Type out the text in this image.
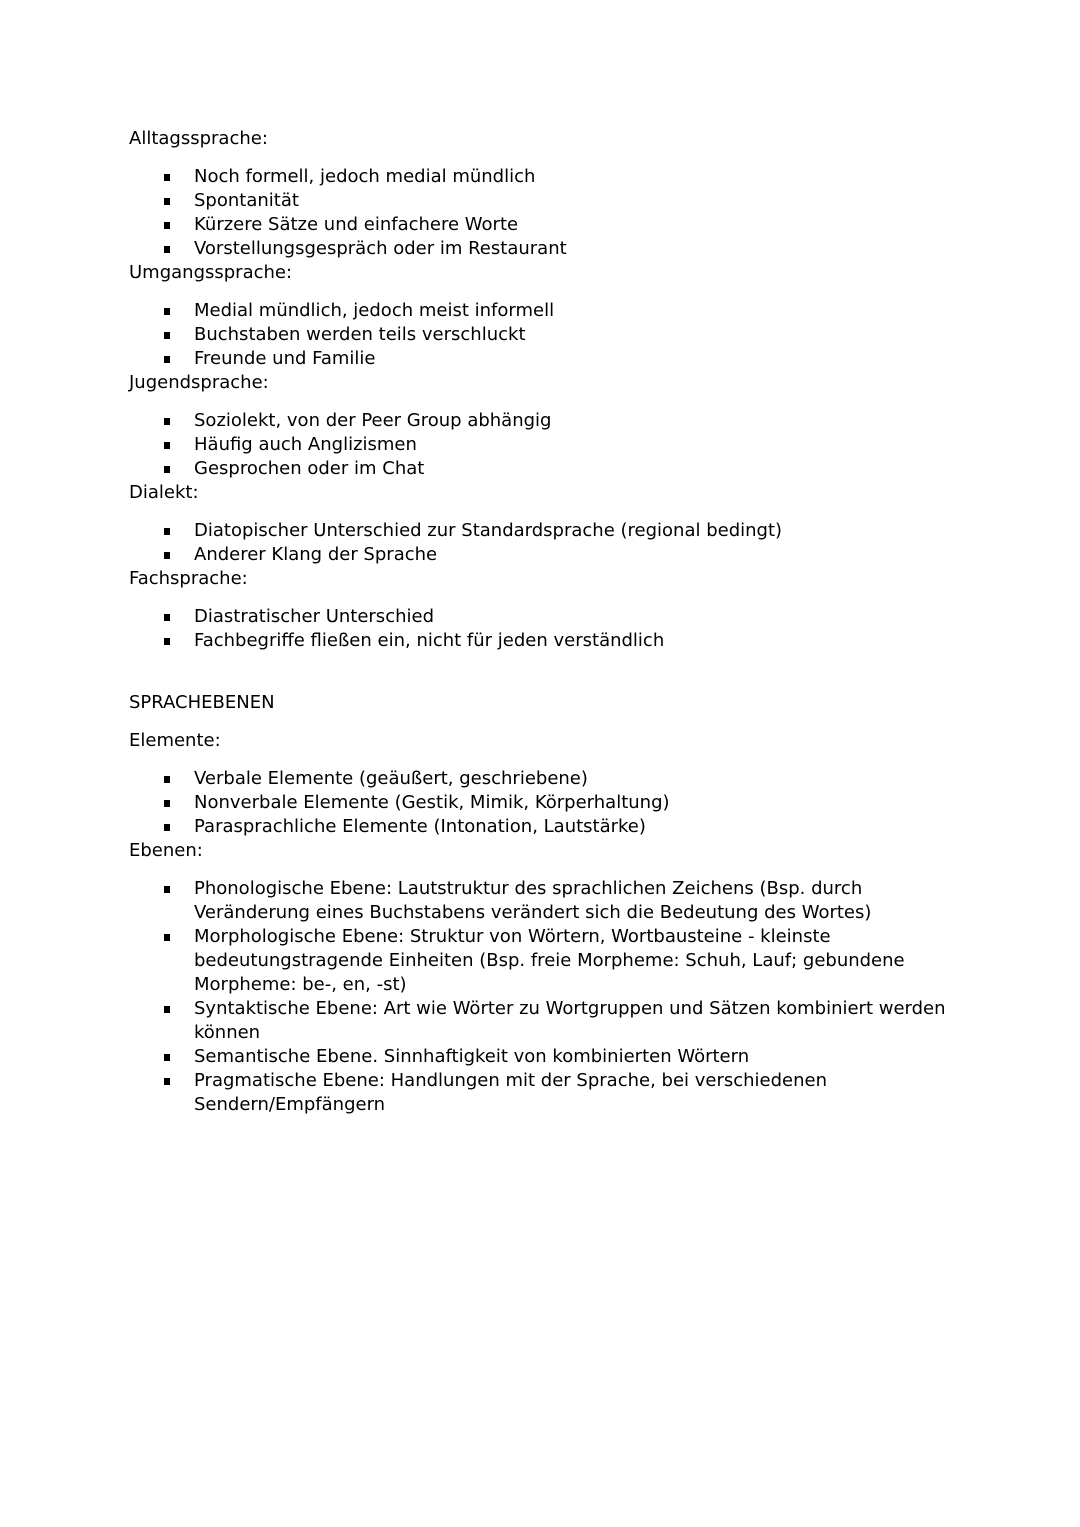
Alltagssprache:

Noch formell, jedoch medial mündlich
Spontanität
Kürzere Sätze und einfachere Worte
Vorstellungsgespräch oder im Restaurant

Umgangssprache:

Medial mündlich, jedoch meist informell
Buchstaben werden teils verschluckt
Freunde und Familie

Jugendsprache:

Soziolekt, von der Peer Group abhängig
Häufig auch Anglizismen
Gesprochen oder im Chat

Dialekt:

Diatopischer Unterschied zur Standardsprache (regional bedingt)
Anderer Klang der Sprache

Fachsprache:

Diastratischer Unterschied
Fachbegriffe fließen ein, nicht für jeden verständlich

SPRACHEBENEN

Elemente:

Verbale Elemente (geäußert, geschriebene)
Nonverbale Elemente (Gestik, Mimik, Körperhaltung)
Parasprachliche Elemente (Intonation, Lautstärke)

Ebenen:

Phonologische Ebene: Lautstruktur des sprachlichen Zeichens (Bsp. durch Veränderung eines Buchstabens verändert sich die Bedeutung des Wortes)
Morphologische Ebene: Struktur von Wörtern, Wortbausteine - kleinste bedeutungstragende Einheiten (Bsp. freie Morpheme: Schuh, Lauf; gebundene Morpheme: be-, en, -st)
Syntaktische Ebene: Art wie Wörter zu Wortgruppen und Sätzen kombiniert werden können
Semantische Ebene. Sinnhaftigkeit von kombinierten Wörtern
Pragmatische Ebene: Handlungen mit der Sprache, bei verschiedenen Sendern/Empfängern
